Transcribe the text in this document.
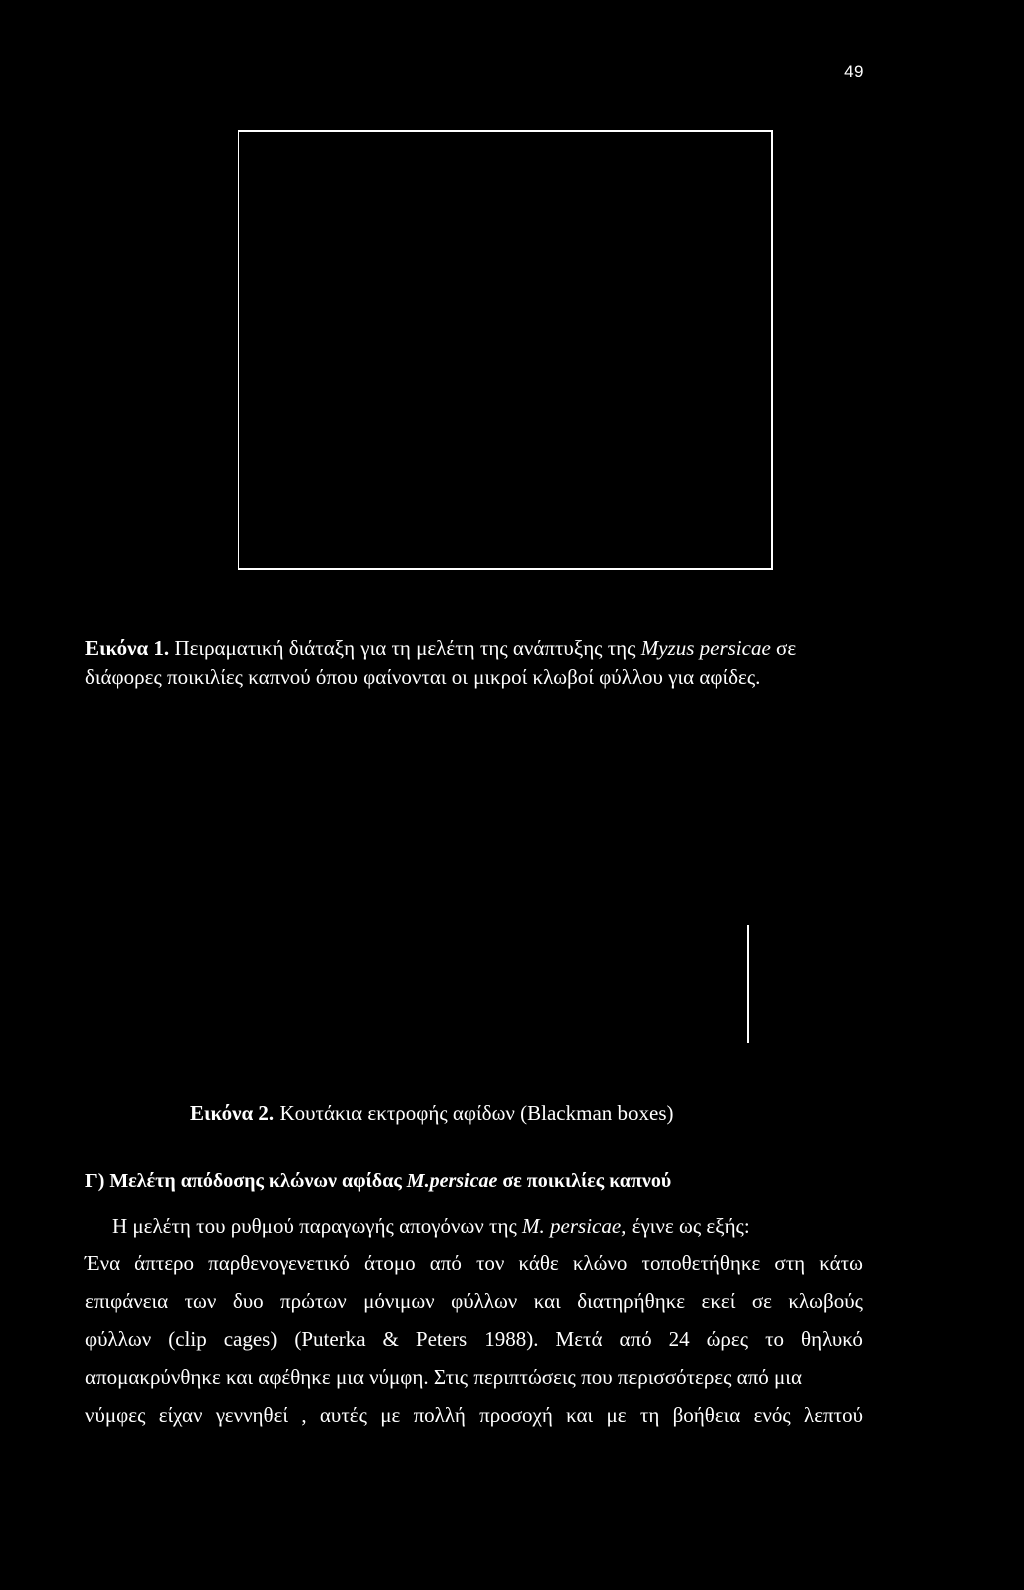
49
Εικόνα 1. Πειραματική διάταξη για τη μελέτη της ανάπτυξης της Myzus persicae σε
διάφορες ποικιλίες καπνού όπου φαίνονται οι μικροί κλωβοί φύλλου για αφίδες.
Εικόνα 2. Κουτάκια εκτροφής αφίδων (Blackman boxes)
Γ) Μελέτη απόδοσης κλώνων αφίδας M.persicae σε ποικιλίες καπνού
Η μελέτη του ρυθμού παραγωγής απογόνων της M. persicae, έγινε ως εξής:
Ένα άπτερο παρθενογενετικό άτομο από τον κάθε κλώνο τοποθετήθηκε στη κάτω
επιφάνεια των δυο πρώτων μόνιμων φύλλων και διατηρήθηκε εκεί σε κλωβούς
φύλλων (clip cages) (Puterka & Peters 1988). Μετά από 24 ώρες το θηλυκό
απομακρύνθηκε και αφέθηκε μια νύμφη. Στις περιπτώσεις που περισσότερες από μια
νύμφες είχαν γεννηθεί , αυτές με πολλή προσοχή και με τη βοήθεια ενός λεπτού
